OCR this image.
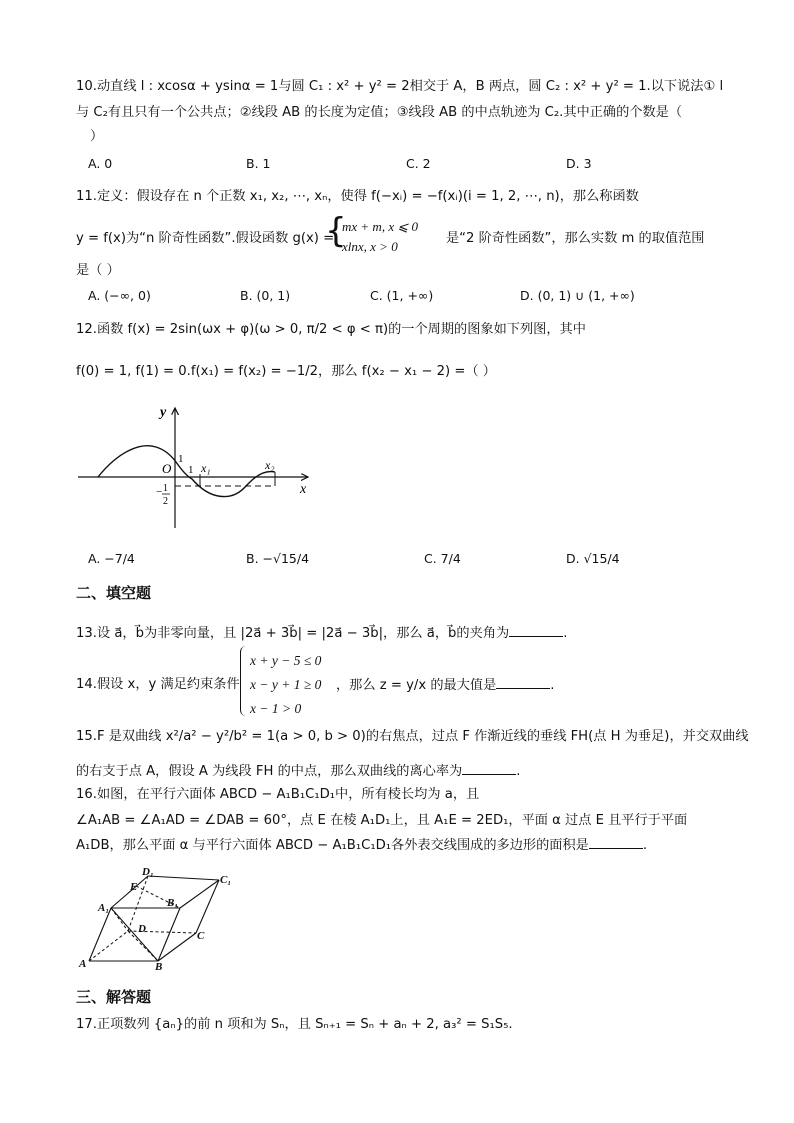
10.动直线 l : xcosα + ysinα = 1与圆 C₁ : x² + y² = 2相交于 A，B 两点，圆 C₂ : x² + y² = 1.以下说法① l
与 C₂有且只有一个公共点；②线段 AB 的长度为定值；③线段 AB 的中点轨迹为 C₂.其中正确的个数是（
）
A. 0	B. 1	C. 2	D. 3
11.定义：假设存在 n 个正数 x₁, x₂, ⋯, xₙ，使得 f(−xᵢ) = −f(xᵢ)(i = 1, 2, ⋯, n)，那么称函数
y = f(x)为“n 阶奇性函数”.假设函数 g(x) =
{
mx + m, x ⩽ 0
xlnx, x > 0
是“2 阶奇性函数”，那么实数 m 的取值范围
是（ ）
A. (−∞, 0)	B. (0, 1)	C. (1, +∞)	D. (0, 1) ∪ (1, +∞)
12.函数 f(x) = 2sin(ωx + φ)(ω > 0, π/2 < φ < π)的一个周期的图象如下列图，其中
f(0) = 1, f(1) = 0.f(x₁) = f(x₂) = −1/2，那么 f(x₂ − x₁ − 2) =（ ）
y
x
O
1
1 x₁	x₂
− 1
2
A. −7/4	B. −√15/4	C. 7/4	D. √15/4
二、填空题
13.设 a⃗，b⃗为非零向量，且 |2a⃗ + 3b⃗| = |2a⃗ − 3b⃗|，那么 a⃗，b⃗的夹角为	.
14.假设 x，y 满足约束条件
x + y − 5 ≤ 0
x − y + 1 ≥ 0
x − 1 > 0
，那么 z = y/x 的最大值是	.
15.F 是双曲线 x²/a² − y²/b² = 1(a > 0, b > 0)的右焦点，过点 F 作渐近线的垂线 FH(点 H 为垂足)，并交双曲线
的右支于点 A，假设 A 为线段 FH 的中点，那么双曲线的离心率为	.
16.如图，在平行六面体 ABCD − A₁B₁C₁D₁中，所有棱长均为 a，且
∠A₁AB = ∠A₁AD = ∠DAB = 60°，点 E 在棱 A₁D₁上，且 A₁E = 2ED₁，平面 α 过点 E 且平行于平面
A₁DB，那么平面 α 与平行六面体 ABCD − A₁B₁C₁D₁各外表交线围成的多边形的面积是	.
D₁
C₁
E
A₁	B₁
D
C
A	B
三、解答题
17.正项数列 {aₙ}的前 n 项和为 Sₙ，且 Sₙ₊₁ = Sₙ + aₙ + 2, a₃² = S₁S₅.
